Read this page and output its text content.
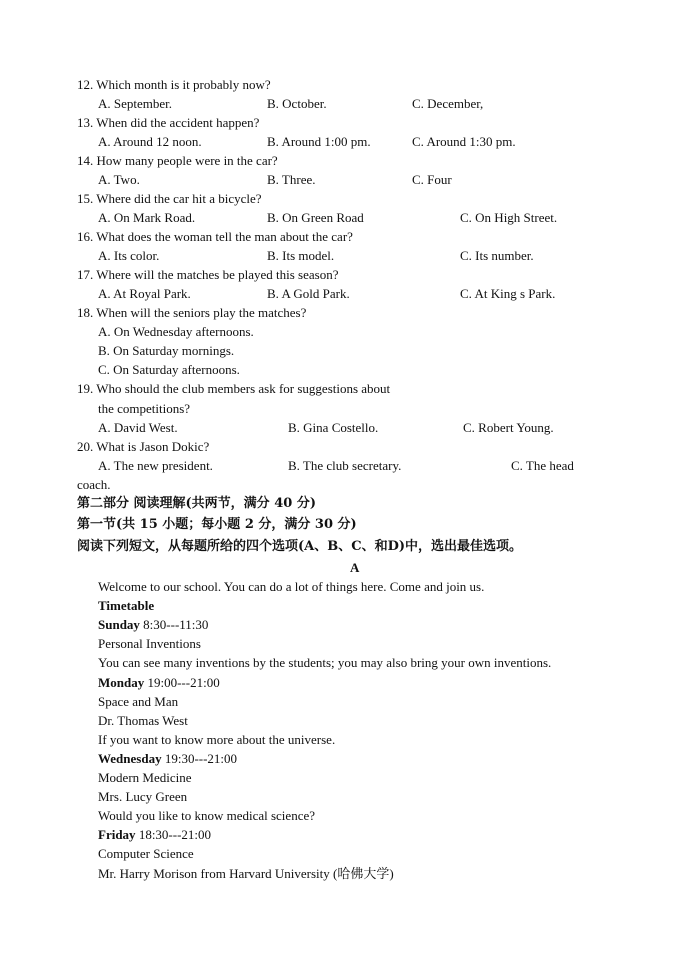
12. Which month is it probably now?
A. September.	B. October.	C. December,
13. When did the accident happen?
A. Around 12 noon.	B. Around 1:00 pm.	C. Around 1:30 pm.
14. How many people were in the car?
A. Two.	B. Three.	C. Four
15. Where did the car hit a bicycle?
A. On Mark Road.	B. On Green Road	C. On High Street.
16. What does the woman tell the man about the car?
A. Its color.	B. Its model.	C. Its number.
17. Where will the matches be played this season?
A. At Royal Park.	B. A Gold Park.	C. At King s Park.
18. When will the seniors play the matches?
A. On Wednesday afternoons.
B. On Saturday mornings.
C. On Saturday afternoons.
19. Who should the club members ask for suggestions about
the competitions?
A. David West.	B. Gina Costello.	C. Robert Young.
20. What is Jason Dokic?
A. The new president.	B. The club secretary.	C. The head
coach.
第二部分 阅读理解(共两节，满分 40 分)
第一节(共 15 小题；每小题 2 分，满分 30 分)
阅读下列短文，从每题所给的四个选项(A、B、C、和D)中，选出最佳选项。
A
Welcome to our school. You can do a lot of things here. Come and join us.
Timetable
Sunday 8:30---11:30
Personal Inventions
You can see many inventions by the students; you may also bring your own inventions.
Monday 19:00---21:00
Space and Man
Dr. Thomas West
If you want to know more about the universe.
Wednesday 19:30---21:00
Modern Medicine
Mrs. Lucy Green
Would you like to know medical science?
Friday 18:30---21:00
Computer Science
Mr. Harry Morison from Harvard University (哈佛大学)
